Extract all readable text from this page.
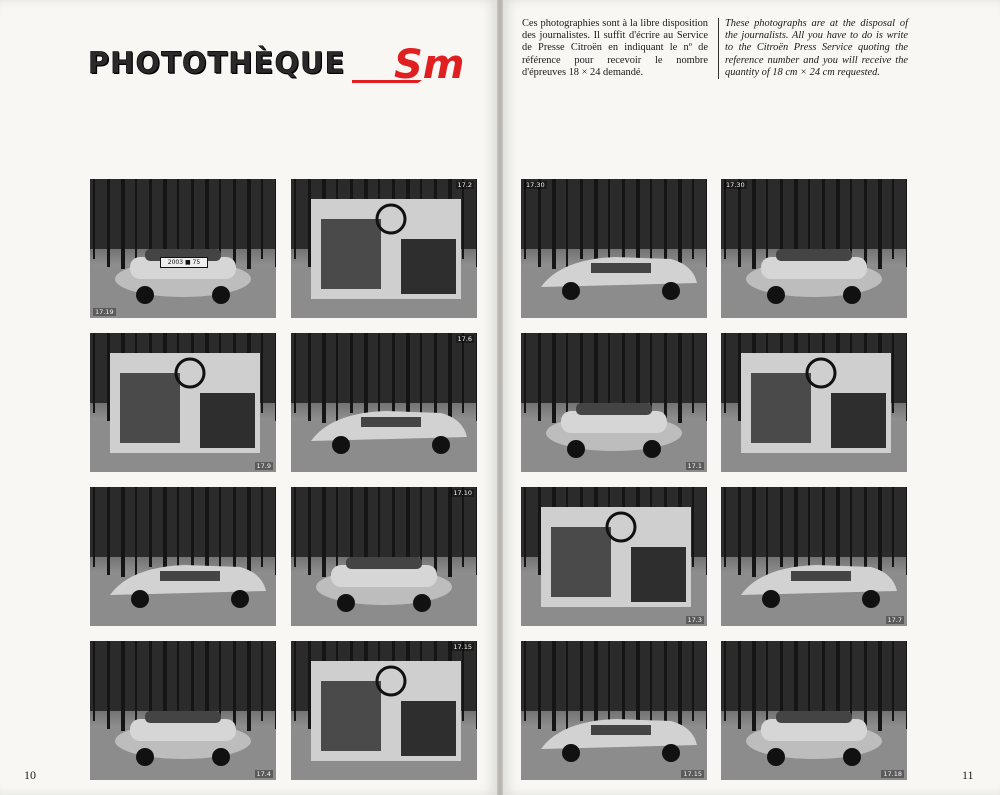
PHOTOTHÈQUE Sm
Ces photographies sont à la libre disposition des journalistes. Il suffit d'écrire au Service de Presse Citroën en indiquant le nº de référence pour recevoir le nombre d'épreuves 18 × 24 demandé.
These photographs are at the disposal of the journalists. All you have to do is write to the Citroën Press Service quoting the reference number and you will receive the quantity of 18 cm × 24 cm requested.
2003 ■ 75
17.19
17.2	17.30	17.30
17.9
17.6
17.1
17.10
17.3	17.7
17.4
17.15
17.15	17.18
10	11
